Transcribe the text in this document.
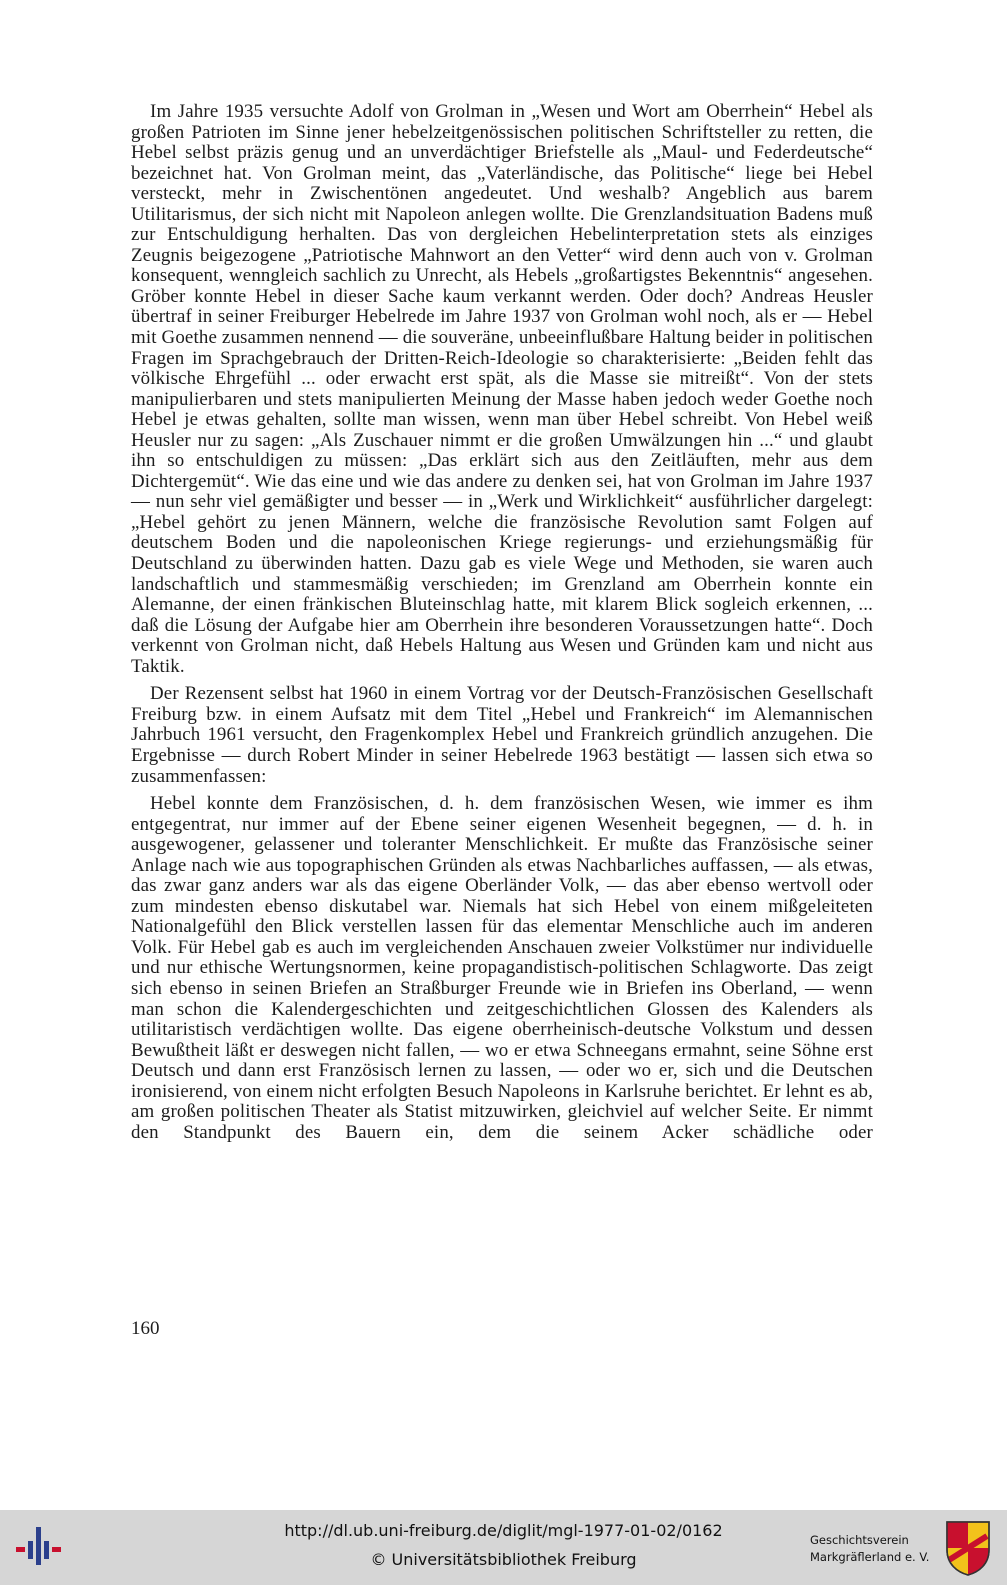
Im Jahre 1935 versuchte Adolf von Grolman in „Wesen und Wort am Oberrhein“ Hebel als großen Patrioten im Sinne jener hebelzeitgenössischen politischen Schriftsteller zu retten, die Hebel selbst präzis genug und an unverdächtiger Briefstelle als „Maul- und Federdeutsche“ bezeichnet hat. Von Grolman meint, das „Vaterländische, das Politische“ liege bei Hebel versteckt, mehr in Zwischentönen angedeutet. Und weshalb? Angeblich aus barem Utilitarismus, der sich nicht mit Napoleon anlegen wollte. Die Grenzlandsituation Badens muß zur Entschuldigung herhalten. Das von dergleichen Hebelinterpretation stets als einziges Zeugnis beigezogene „Patriotische Mahnwort an den Vetter“ wird denn auch von v. Grolman konsequent, wenngleich sachlich zu Unrecht, als Hebels „großartigstes Bekenntnis“ angesehen. Gröber konnte Hebel in dieser Sache kaum verkannt werden. Oder doch? Andreas Heusler übertraf in seiner Freiburger Hebelrede im Jahre 1937 von Grolman wohl noch, als er — Hebel mit Goethe zusammen nennend — die souveräne, unbeeinflußbare Haltung beider in politischen Fragen im Sprachgebrauch der Dritten-Reich-Ideologie so charakterisierte: „Beiden fehlt das völkische Ehrgefühl ... oder erwacht erst spät, als die Masse sie mitreißt“. Von der stets manipulierbaren und stets manipulierten Meinung der Masse haben jedoch weder Goethe noch Hebel je etwas gehalten, sollte man wissen, wenn man über Hebel schreibt. Von Hebel weiß Heusler nur zu sagen: „Als Zuschauer nimmt er die großen Umwälzungen hin ...“ und glaubt ihn so entschuldigen zu müssen: „Das erklärt sich aus den Zeitläuften, mehr aus dem Dichtergemüt“. Wie das eine und wie das andere zu denken sei, hat von Grolman im Jahre 1937 — nun sehr viel gemäßigter und besser — in „Werk und Wirklichkeit“ ausführlicher dargelegt: „Hebel gehört zu jenen Männern, welche die französische Revolution samt Folgen auf deutschem Boden und die napoleonischen Kriege regierungs- und erziehungsmäßig für Deutschland zu überwinden hatten. Dazu gab es viele Wege und Methoden, sie waren auch landschaftlich und stammesmäßig verschieden; im Grenzland am Oberrhein konnte ein Alemanne, der einen fränkischen Bluteinschlag hatte, mit klarem Blick sogleich erkennen, ... daß die Lösung der Aufgabe hier am Oberrhein ihre besonderen Voraussetzungen hatte“. Doch verkennt von Grolman nicht, daß Hebels Haltung aus Wesen und Gründen kam und nicht aus Taktik.

Der Rezensent selbst hat 1960 in einem Vortrag vor der Deutsch-Französischen Gesellschaft Freiburg bzw. in einem Aufsatz mit dem Titel „Hebel und Frankreich“ im Alemannischen Jahrbuch 1961 versucht, den Fragenkomplex Hebel und Frankreich gründlich anzugehen. Die Ergebnisse — durch Robert Minder in seiner Hebelrede 1963 bestätigt — lassen sich etwa so zusammenfassen:

Hebel konnte dem Französischen, d. h. dem französischen Wesen, wie immer es ihm entgegentrat, nur immer auf der Ebene seiner eigenen Wesenheit begegnen, — d. h. in ausgewogener, gelassener und toleranter Menschlichkeit. Er mußte das Französische seiner Anlage nach wie aus topographischen Gründen als etwas Nachbarliches auffassen, — als etwas, das zwar ganz anders war als das eigene Oberländer Volk, — das aber ebenso wertvoll oder zum mindesten ebenso diskutabel war. Niemals hat sich Hebel von einem mißgeleiteten Nationalgefühl den Blick verstellen lassen für das elementar Menschliche auch im anderen Volk. Für Hebel gab es auch im vergleichenden Anschauen zweier Volkstümer nur individuelle und nur ethische Wertungsnormen, keine propagandistisch-politischen Schlagworte. Das zeigt sich ebenso in seinen Briefen an Straßburger Freunde wie in Briefen ins Oberland, — wenn man schon die Kalendergeschichten und zeitgeschichtlichen Glossen des Kalenders als utilitaristisch verdächtigen wollte. Das eigene oberrheinisch-deutsche Volkstum und dessen Bewußtheit läßt er deswegen nicht fallen, — wo er etwa Schneegans ermahnt, seine Söhne erst Deutsch und dann erst Französisch lernen zu lassen, — oder wo er, sich und die Deutschen ironisierend, von einem nicht erfolgten Besuch Napoleons in Karlsruhe berichtet. Er lehnt es ab, am großen politischen Theater als Statist mitzuwirken, gleichviel auf welcher Seite. Er nimmt den Standpunkt des Bauern ein, dem die seinem Acker schädliche oder

160
http://dl.ub.uni-freiburg.de/diglit/mgl-1977-01-02/0162
© Universitätsbibliothek Freiburg
Geschichtsverein
Markgräflerland e. V.
